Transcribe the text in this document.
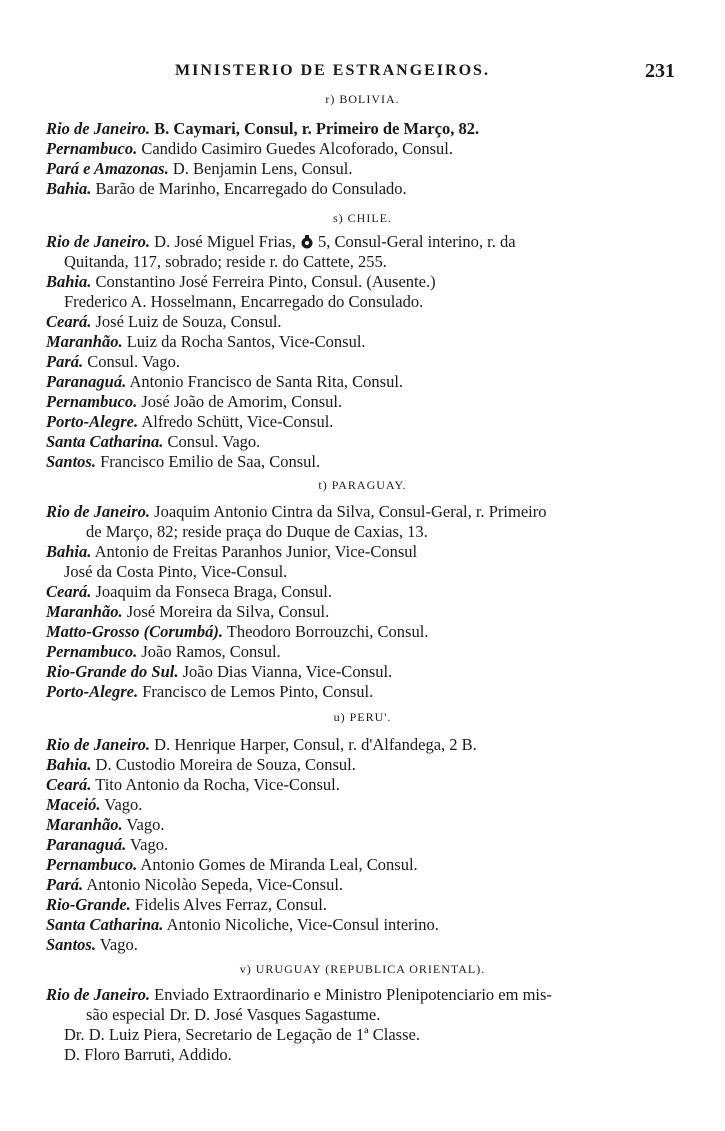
MINISTERIO DE ESTRANGEIROS.	231
r) BOLIVIA.
Rio de Janeiro. B. Caymari, Consul, r. Primeiro de Março, 82.
Pernambuco. Candido Casimiro Guedes Alcoforado, Consul.
Pará e Amazonas. D. Benjamin Lens, Consul.
Bahia. Barão de Marinho, Encarregado do Consulado.
s) CHILE.
Rio de Janeiro. D. José Miguel Frias,  5, Consul-Geral interino, r. da
Quitanda, 117, sobrado; reside r. do Cattete, 255.
Bahia. Constantino José Ferreira Pinto, Consul. (Ausente.)
Frederico A. Hosselmann, Encarregado do Consulado.
Ceará. José Luiz de Souza, Consul.
Maranhão. Luiz da Rocha Santos, Vice-Consul.
Pará. Consul. Vago.
Paranaguá. Antonio Francisco de Santa Rita, Consul.
Pernambuco. José João de Amorim, Consul.
Porto-Alegre. Alfredo Schütt, Vice-Consul.
Santa Catharina. Consul. Vago.
Santos. Francisco Emilio de Saa, Consul.
t) PARAGUAY.
Rio de Janeiro. Joaquim Antonio Cintra da Silva, Consul-Geral, r. Primeiro
de Março, 82; reside praça do Duque de Caxias, 13.
Bahia. Antonio de Freitas Paranhos Junior, Vice-Consul
José da Costa Pinto, Vice-Consul.
Ceará. Joaquim da Fonseca Braga, Consul.
Maranhão. José Moreira da Silva, Consul.
Matto-Grosso (Corumbá). Theodoro Borrouzchi, Consul.
Pernambuco. João Ramos, Consul.
Rio-Grande do Sul. João Dias Vianna, Vice-Consul.
Porto-Alegre. Francisco de Lemos Pinto, Consul.
u) PERU'.
Rio de Janeiro. D. Henrique Harper, Consul, r. d'Alfandega, 2 B.
Bahia. D. Custodio Moreira de Souza, Consul.
Ceará. Tito Antonio da Rocha, Vice-Consul.
Maceió. Vago.
Maranhão. Vago.
Paranaguá. Vago.
Pernambuco. Antonio Gomes de Miranda Leal, Consul.
Pará. Antonio Nicolào Sepeda, Vice-Consul.
Rio-Grande. Fidelis Alves Ferraz, Consul.
Santa Catharina. Antonio Nicoliche, Vice-Consul interino.
Santos. Vago.
v) URUGUAY (REPUBLICA ORIENTAL).
Rio de Janeiro. Enviado Extraordinario e Ministro Plenipotenciario em mis-
são especial Dr. D. José Vasques Sagastume.
Dr. D. Luiz Piera, Secretario de Legação de 1ª Classe.
D. Floro Barruti, Addido.
